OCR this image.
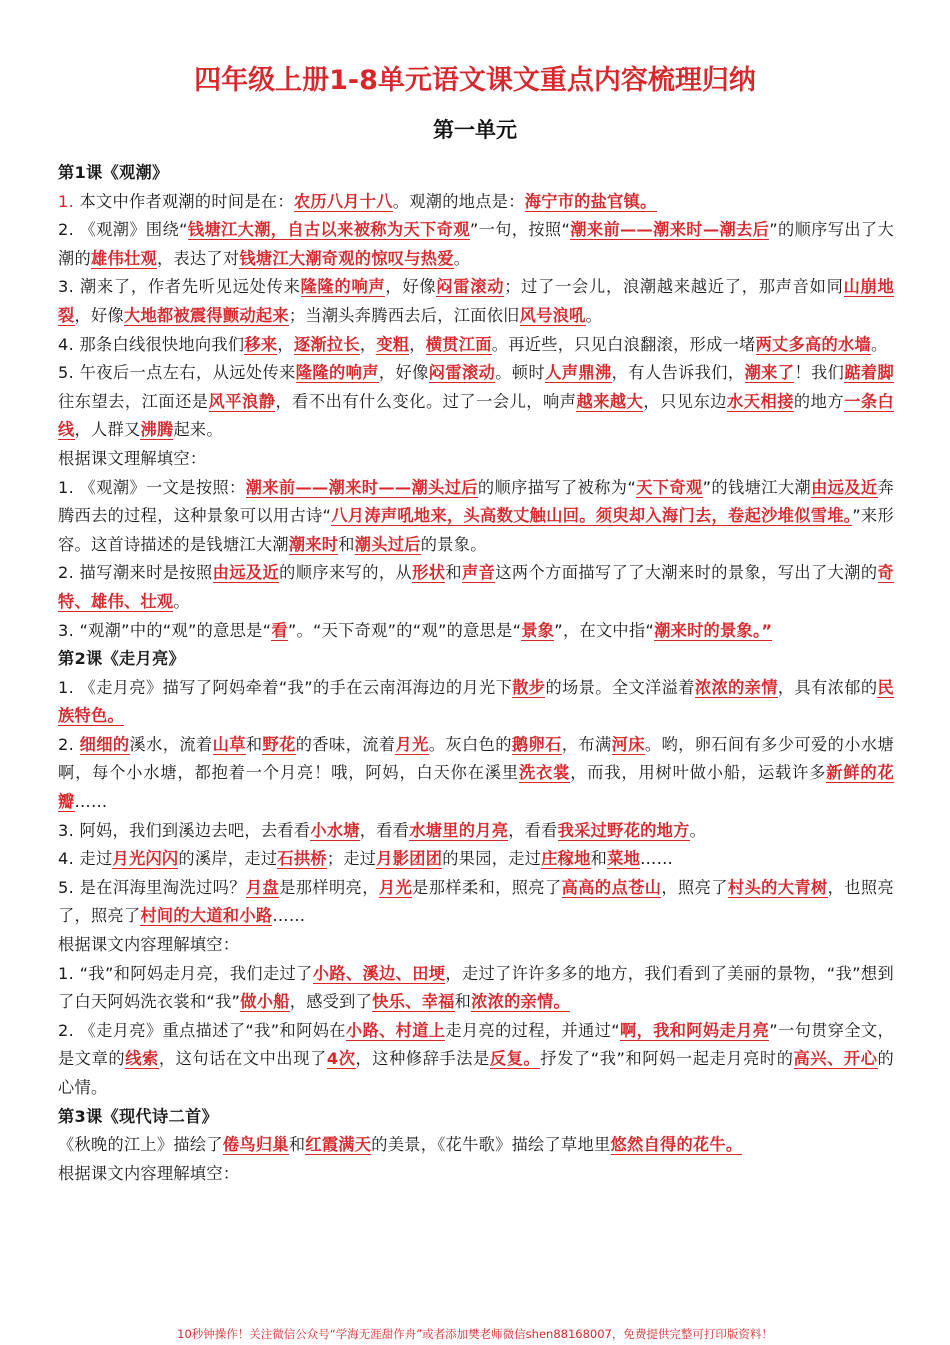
四年级上册1-8单元语文课文重点内容梳理归纳
第一单元

第1课《观潮》

1. 本文中作者观潮的时间是在：农历八月十八。观潮的地点是：海宁市的盐官镇。

2. 《观潮》围绕“钱塘江大潮，自古以来被称为天下奇观”一句，按照“潮来前——潮来时—潮去后”的顺序写出了大潮的雄伟壮观，表达了对钱塘江大潮奇观的惊叹与热爱。

3. 潮来了，作者先听见远处传来隆隆的响声，好像闷雷滚动；过了一会儿，浪潮越来越近了，那声音如同山崩地裂，好像大地都被震得颤动起来；当潮头奔腾西去后，江面依旧风号浪吼。

4. 那条白线很快地向我们移来，逐渐拉长，变粗，横贯江面。再近些，只见白浪翻滚，形成一堵两丈多高的水墙。

5. 午夜后一点左右，从远处传来隆隆的响声，好像闷雷滚动。顿时人声鼎沸，有人告诉我们，潮来了！我们踮着脚往东望去，江面还是风平浪静，看不出有什么变化。过了一会儿，响声越来越大，只见东边水天相接的地方一条白线，人群又沸腾起来。

根据课文理解填空：

1. 《观潮》一文是按照：潮来前——潮来时——潮头过后的顺序描写了被称为“天下奇观”的钱塘江大潮由远及近奔腾西去的过程，这种景象可以用古诗“八月涛声吼地来，头高数丈触山回。须臾却入海门去，卷起沙堆似雪堆。”来形容。这首诗描述的是钱塘江大潮潮来时和潮头过后的景象。

2. 描写潮来时是按照由远及近的顺序来写的，从形状和声音这两个方面描写了了大潮来时的景象，写出了大潮的奇特、雄伟、壮观。

3. “观潮”中的“观”的意思是“看”。“天下奇观”的“观”的意思是“景象”，在文中指“潮来时的景象。”

第2课《走月亮》

1. 《走月亮》描写了阿妈牵着“我”的手在云南洱海边的月光下散步的场景。全文洋溢着浓浓的亲情，具有浓郁的民族特色。

2. 细细的溪水，流着山草和野花的香味，流着月光。灰白色的鹅卵石，布满河床。哟，卵石间有多少可爱的小水塘啊，每个小水塘，都抱着一个月亮！哦，阿妈，白天你在溪里洗衣裳，而我，用树叶做小船，运载许多新鲜的花瓣……

3. 阿妈，我们到溪边去吧，去看看小水塘，看看水塘里的月亮，看看我采过野花的地方。

4. 走过月光闪闪的溪岸，走过石拱桥；走过月影团团的果园，走过庄稼地和菜地……

5. 是在洱海里淘洗过吗？月盘是那样明亮，月光是那样柔和，照亮了高高的点苍山，照亮了村头的大青树，也照亮了，照亮了村间的大道和小路……

根据课文内容理解填空：

1. “我”和阿妈走月亮，我们走过了小路、溪边、田埂，走过了许许多多的地方，我们看到了美丽的景物，“我”想到了白天阿妈洗衣裳和“我”做小船，感受到了快乐、幸福和浓浓的亲情。

2. 《走月亮》重点描述了“我”和阿妈在小路、村道上走月亮的过程，并通过“啊，我和阿妈走月亮”一句贯穿全文，是文章的线索，这句话在文中出现了4次，这种修辞手法是反复。抒发了“我”和阿妈一起走月亮时的高兴、开心的心情。

第3课《现代诗二首》

《秋晚的江上》描绘了倦鸟归巢和红霞满天的美景，《花牛歌》描绘了草地里悠然自得的花牛。

根据课文内容理解填空：

10秒钟操作！关注微信公众号“学海无涯甜作舟”或者添加樊老师微信shen88168007，免费提供完整可打印版资料！
